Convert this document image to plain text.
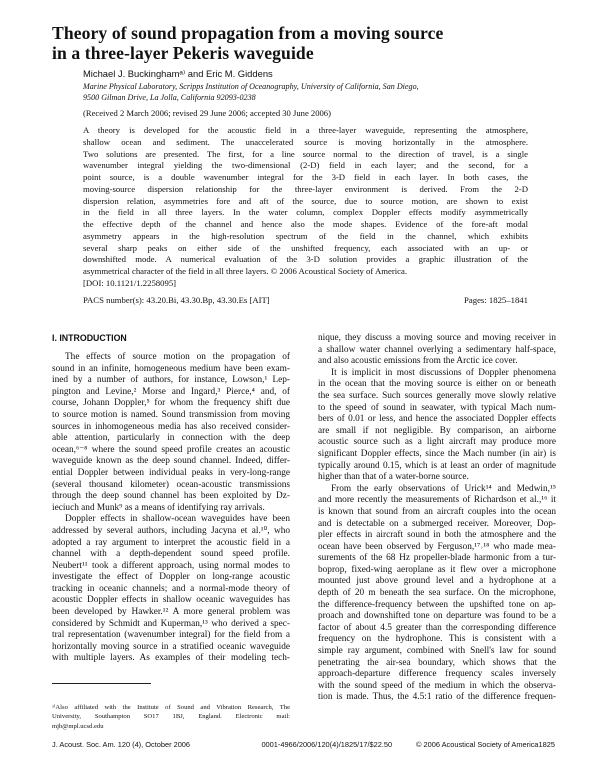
Theory of sound propagation from a moving source
in a three-layer Pekeris waveguide
Michael J. Buckinghamᵃ⁾ and Eric M. Giddens
Marine Physical Laboratory, Scripps Institution of Oceanography, University of California, San Diego,
9500 Gilman Drive, La Jolla, California 92093-0238
(Received 2 March 2006; revised 29 June 2006; accepted 30 June 2006)
A theory is developed for the acoustic field in a three-layer waveguide, representing the atmosphere,
shallow ocean and sediment. The unaccelerated source is moving horizontally in the atmosphere.
Two solutions are presented. The first, for a line source normal to the direction of travel, is a single
wavenumber integral yielding the two-dimensional (2-D) field in each layer; and the second, for a
point source, is a double wavenumber integral for the 3-D field in each layer. In both cases, the
moving-source dispersion relationship for the three-layer environment is derived. From the 2-D
dispersion relation, asymmetries fore and aft of the source, due to source motion, are shown to exist
in the field in all three layers. In the water column, complex Doppler effects modify asymmetrically
the effective depth of the channel and hence also the mode shapes. Evidence of the fore-aft modal
asymmetry appears in the high-resolution spectrum of the field in the channel, which exhibits
several sharp peaks on either side of the unshifted frequency, each associated with an up- or
downshifted mode. A numerical evaluation of the 3-D solution provides a graphic illustration of the
asymmetrical character of the field in all three layers. © 2006 Acoustical Society of America.
[DOI: 10.1121/1.2258095]
PACS number(s): 43.20.Bi, 43.30.Bp, 43.30.Es [AIT]	Pages: 1825–1841
I. INTRODUCTION
The effects of source motion on the propagation of
sound in an infinite, homogeneous medium have been exam-
ined by a number of authors, for instance, Lowson,¹ Lep-
pington and Levine,² Morse and Ingard,³ Pierce,⁴ and, of
course, Johann Doppler,⁵ for whom the frequency shift due
to source motion is named. Sound transmission from moving
sources in inhomogeneous media has also received consider-
able attention, particularly in connection with the deep
ocean,⁶⁻⁸ where the sound speed profile creates an acoustic
waveguide known as the deep sound channel. Indeed, differ-
ential Doppler between individual peaks in very-long-range
(several thousand kilometer) ocean-acoustic transmissions
through the deep sound channel has been exploited by Dz-
ieciuch and Munk⁹ as a means of identifying ray arrivals.
Doppler effects in shallow-ocean waveguides have been
addressed by several authors, including Jacyna et al.¹⁰, who
adopted a ray argument to interpret the acoustic field in a
channel with a depth-dependent sound speed profile.
Neubert¹¹ took a different approach, using normal modes to
investigate the effect of Doppler on long-range acoustic
tracking in oceanic channels; and a normal-mode theory of
acoustic Doppler effects in shallow oceanic waveguides has
been developed by Hawker.¹² A more general problem was
considered by Schmidt and Kuperman,¹³ who derived a spec-
tral representation (wavenumber integral) for the field from a
horizontally moving source in a stratified oceanic waveguide
with multiple layers. As examples of their modeling tech-
nique, they discuss a moving source and moving receiver in
a shallow water channel overlying a sedimentary half-space,
and also acoustic emissions from the Arctic ice cover.
It is implicit in most discussions of Doppler phenomena
in the ocean that the moving source is either on or beneath
the sea surface. Such sources generally move slowly relative
to the speed of sound in seawater, with typical Mach num-
bers of 0.01 or less, and hence the associated Doppler effects
are small if not negligible. By comparison, an airborne
acoustic source such as a light aircraft may produce more
significant Doppler effects, since the Mach number (in air) is
typically around 0.15, which is at least an order of magnitude
higher than that of a water-borne source.
From the early observations of Urick¹⁴ and Medwin,¹⁵
and more recently the measurements of Richardson et al.,¹⁶ it
is known that sound from an aircraft couples into the ocean
and is detectable on a submerged receiver. Moreover, Dop-
pler effects in aircraft sound in both the atmosphere and the
ocean have been observed by Ferguson,¹⁷˒¹⁸ who made mea-
surements of the 68 Hz propeller-blade harmonic from a tur-
boprop, fixed-wing aeroplane as it flew over a microphone
mounted just above ground level and a hydrophone at a
depth of 20 m beneath the sea surface. On the microphone,
the difference-frequency between the upshifted tone on ap-
proach and downshifted tone on departure was found to be a
factor of about 4.5 greater than the corresponding difference
frequency on the hydrophone. This is consistent with a
simple ray argument, combined with Snell's law for sound
penetrating the air-sea boundary, which shows that the
approach-departure difference frequency scales inversely
with the sound speed of the medium in which the observa-
tion is made. Thus, the 4.5:1 ratio of the difference frequen-
ᵃ⁾Also affiliated with the Institute of Sound and Vibration Research, The
University, Southampton SO17 1BJ, England. Electronic mail:
mjb@mpl.ucsd.edu
J. Acoust. Soc. Am. 120 (4), October 2006	0001-4966/2006/120(4)/1825/17/$22.50	© 2006 Acoustical Society of America 1825
